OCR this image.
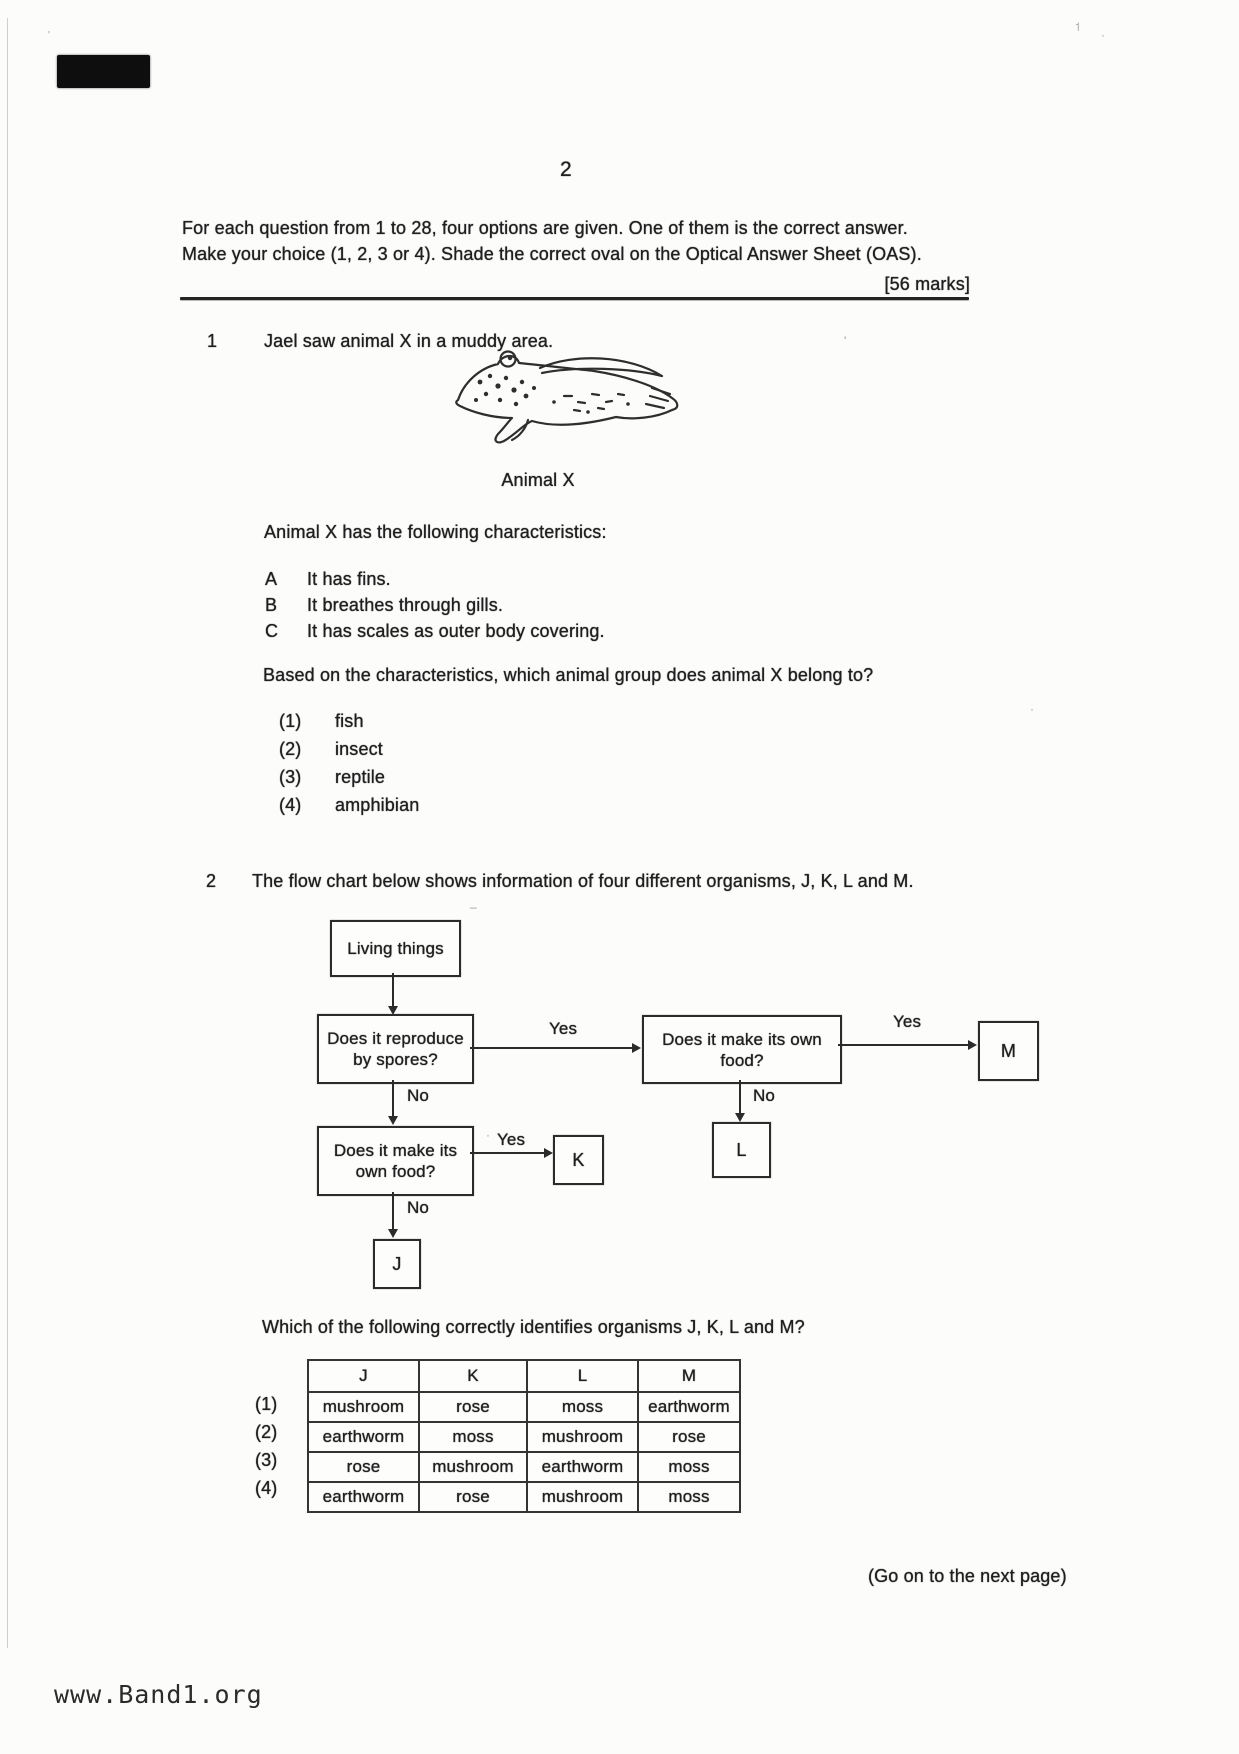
˦
·
'
'
·
·
–
2
For each question from 1 to 28, four options are given. One of them is the correct answer.
Make your choice (1, 2, 3 or 4). Shade the correct oval on the Optical Answer Sheet (OAS).
[56 marks]
1	Jael saw animal X in a muddy area.
Animal X
Animal X has the following characteristics:
A It has fins.
B It breathes through gills.
C It has scales as outer body covering.
Based on the characteristics, which animal group does animal X belong to?
(1) fish
(2) insect
(3) reptile
(4) amphibian
2 The flow chart below shows information of four different organisms, J, K, L and M.
Living things
Does it reproduce by spores?
Yes
Does it make its own food?
Yes
M
No
L
No
Does it make its own food?
Yes
K
No
J
Which of the following correctly identifies organisms J, K, L and M?
(1)
(2)
(3)
(4)
J	K	L	M
mushroom	rose	moss	earthworm
earthworm	moss	mushroom	rose
rose	mushroom	earthworm	moss
earthworm	rose	mushroom	moss
(Go on to the next page)
www.Band1.org
